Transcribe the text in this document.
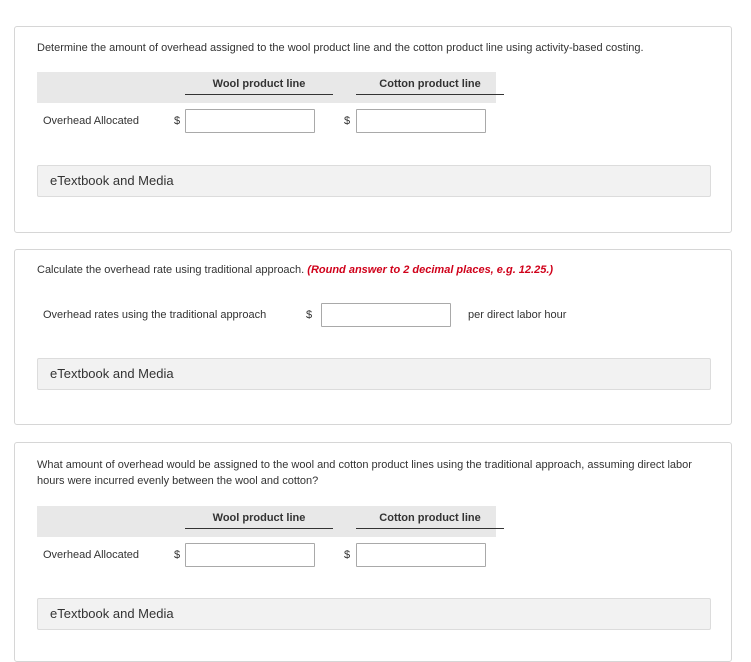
Determine the amount of overhead assigned to the wool product line and the cotton product line using activity-based costing.
Wool product line	Cotton product line
Overhead Allocated	$	$
eTextbook and Media
Calculate the overhead rate using traditional approach. (Round answer to 2 decimal places, e.g. 12.25.)
Overhead rates using the traditional approach	$	per direct labor hour
eTextbook and Media
What amount of overhead would be assigned to the wool and cotton product lines using the traditional approach, assuming direct labor hours were incurred evenly between the wool and cotton?
Wool product line	Cotton product line
Overhead Allocated	$	$
eTextbook and Media
